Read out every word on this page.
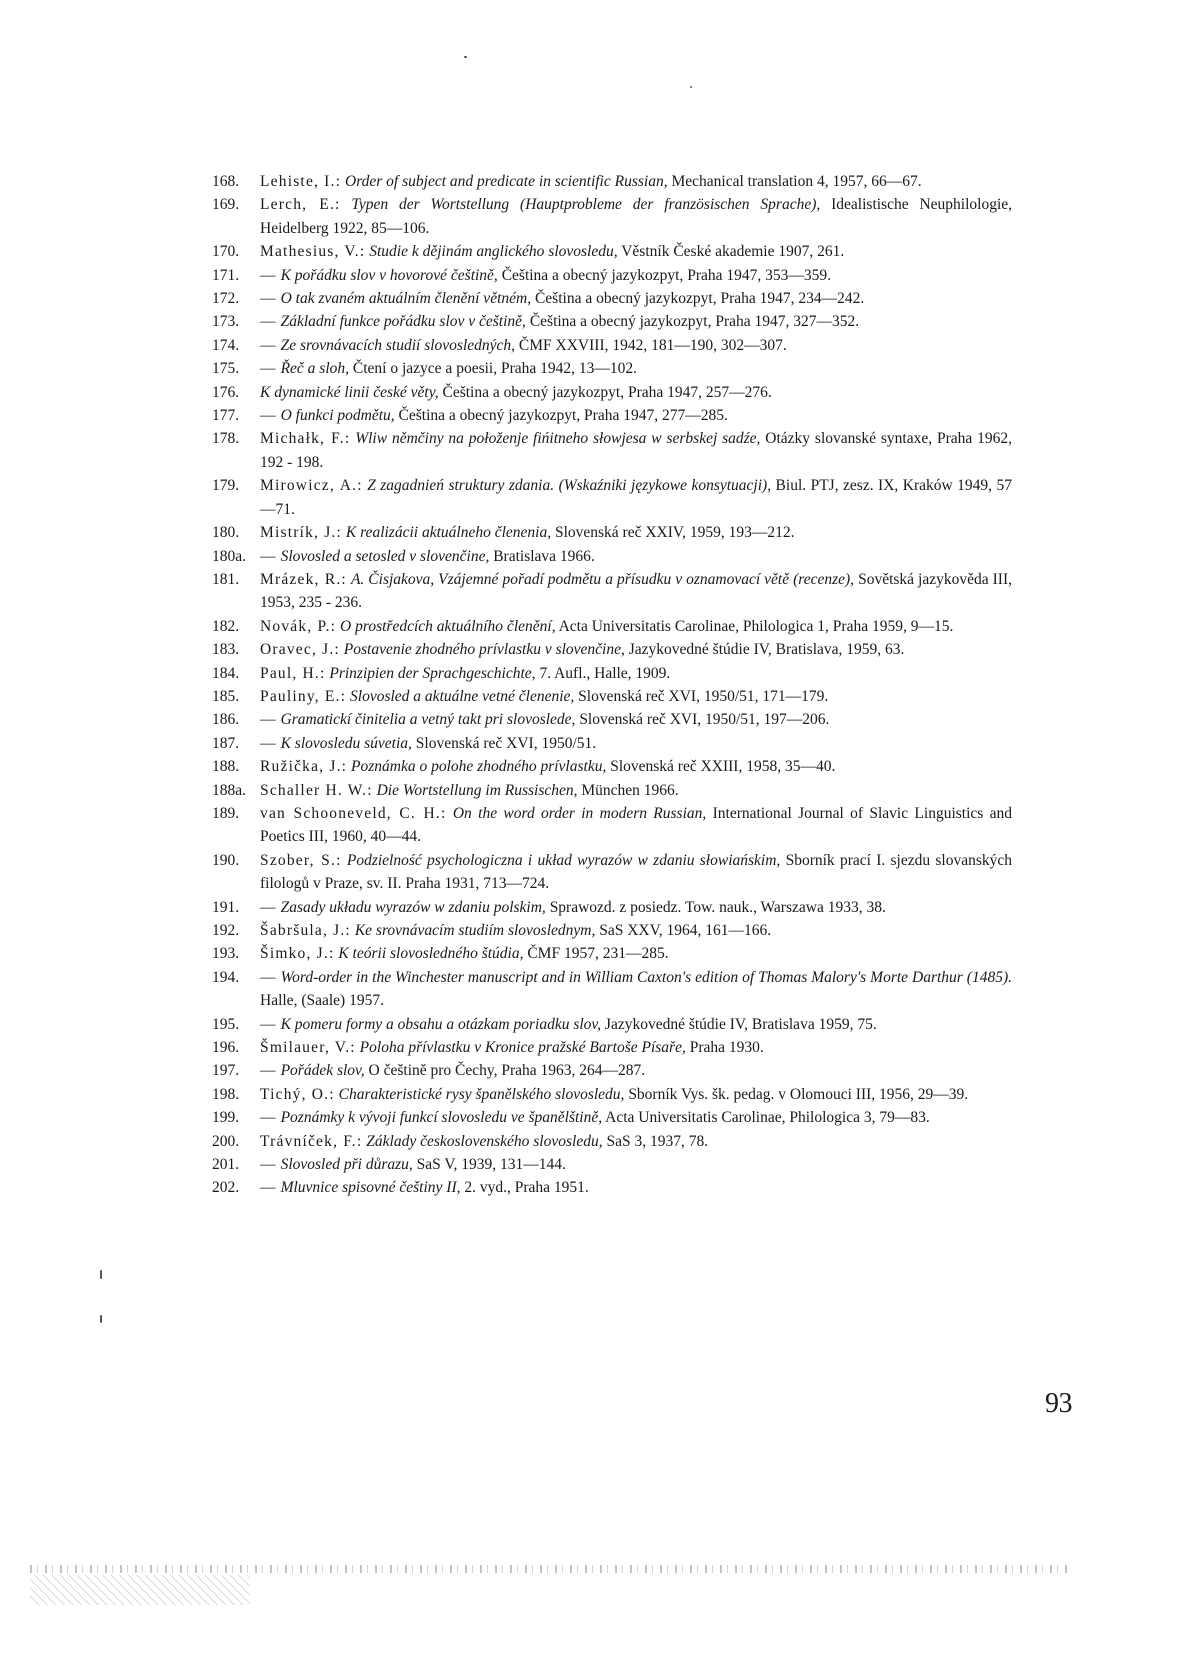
168.	Lehiste, I.: Order of subject and predicate in scientific Russian, Mechanical translation 4, 1957, 66—67.
169.	Lerch, E.: Typen der Wortstellung (Hauptprobleme der französischen Sprache), Idealistische Neuphilologie, Heidelberg 1922, 85—106.
170.	Mathesius, V.: Studie k dějinám anglického slovosledu, Věstník České akademie 1907, 261.
171.	— K pořádku slov v hovorové češtině, Čeština a obecný jazykozpyt, Praha 1947, 353—359.
172.	— O tak zvaném aktuálním členění větném, Čeština a obecný jazykozpyt, Praha 1947, 234—242.
173.	— Základní funkce pořádku slov v češtině, Čeština a obecný jazykozpyt, Praha 1947, 327—352.
174.	— Ze srovnávacích studií slovosledných, ČMF XXVIII, 1942, 181—190, 302—307.
175.	— Řeč a sloh, Čtení o jazyce a poesii, Praha 1942, 13—102.
176.	K dynamické linii české věty, Čeština a obecný jazykozpyt, Praha 1947, 257—276.
177.	— O funkci podmětu, Čeština a obecný jazykozpyt, Praha 1947, 277—285.
178.	Michałk, F.: Wliw němčiny na połoženje fińitneho słowjesa w serbskej sadźe, Otázky slovanské syntaxe, Praha 1962, 192 - 198.
179.	Mirowicz, A.: Z zagadnień struktury zdania. (Wskaźniki językowe konsytuacji), Biul. PTJ, zesz. IX, Kraków 1949, 57—71.
180.	Mistrík, J.: K realizácii aktuálneho členenia, Slovenská reč XXIV, 1959, 193—212.
180a. — Slovosled a setosled v slovenčine, Bratislava 1966.
181.	Mrázek, R.: A. Čisjakova, Vzájemné pořadí podmětu a přísudku v oznamovací větě (recenze), Sovětská jazykověda III, 1953, 235 - 236.
182.	Novák, P.: O prostředcích aktuálního členění, Acta Universitatis Carolinae, Philologica 1, Praha 1959, 9—15.
183.	Oravec, J.: Postavenie zhodného prívlastku v slovenčine, Jazykovedné štúdie IV, Bratislava, 1959, 63.
184.	Paul, H.: Prinzipien der Sprachgeschichte, 7. Aufl., Halle, 1909.
185.	Pauliny, E.: Slovosled a aktuálne vetné členenie, Slovenská reč XVI, 1950/51, 171—179.
186.	— Gramatickí činitelia a vetný takt pri slovoslede, Slovenská reč XVI, 1950/51, 197—206.
187.	— K slovosledu súvetia, Slovenská reč XVI, 1950/51.
188.	Ružička, J.: Poznámka o polohe zhodného prívlastku, Slovenská reč XXIII, 1958, 35—40.
188a. Schaller H. W.: Die Wortstellung im Russischen, München 1966.
189.	van Schooneveld, C. H.: On the word order in modern Russian, International Journal of Slavic Linguistics and Poetics III, 1960, 40—44.
190.	Szober, S.: Podzielność psychologiczna i układ wyrazów w zdaniu słowiańskim, Sborník prací I. sjezdu slovanských filologů v Praze, sv. II. Praha 1931, 713—724.
191.	— Zasady układu wyrazów w zdaniu polskim, Sprawozd. z posiedz. Tow. nauk., Warszawa 1933, 38.
192.	Šabršula, J.: Ke srovnávacím studiím slovoslednym, SaS XXV, 1964, 161—166.
193.	Šimko, J.: K teórii slovosledného štúdia, ČMF 1957, 231—285.
194.	— Word-order in the Winchester manuscript and in William Caxton's edition of Thomas Malory's Morte Darthur (1485). Halle, (Saale) 1957.
195.	— K pomeru formy a obsahu a otázkam poriadku slov, Jazykovedné štúdie IV, Bratislava 1959, 75.
196.	Šmilauer, V.: Poloha přívlastku v Kronice pražské Bartoše Písaře, Praha 1930.
197.	— Pořádek slov, O češtině pro Čechy, Praha 1963, 264—287.
198.	Tichý, O.: Charakteristické rysy španělského slovosledu, Sborník Vys. šk. pedag. v Olomouci III, 1956, 29—39.
199.	— Poznámky k vývoji funkcí slovosledu ve španělštině, Acta Universitatis Carolinae, Philologica 3, 79—83.
200.	Trávníček, F.: Základy československého slovosledu, SaS 3, 1937, 78.
201.	— Slovosled při důrazu, SaS V, 1939, 131—144.
202.	— Mluvnice spisovné češtiny II, 2. vyd., Praha 1951.
93
